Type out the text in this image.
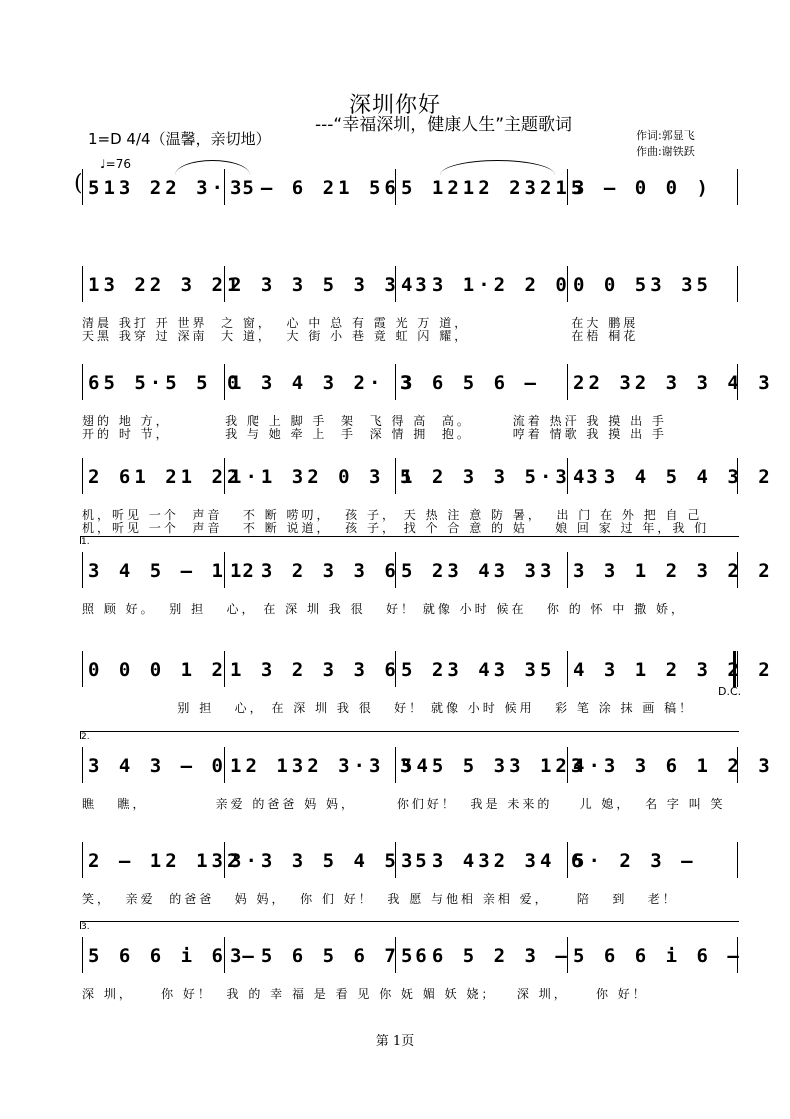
深圳你好
---“幸福深圳，健康人生”主题歌词
1=D 4/4（温馨，亲切地）	作词:郭显飞
作曲:谢铁跃
♩=76
513 22 3· 5
3 – 6 21 56 5 1212 23215
3 – 0 0 )
13 22 3 21
2 3 3 5 3 3 3
4 3 1·2 2 0 0 0 53 35
清晨 我打 开 世界  之 窗，  心 中 总 有 霞 光 万 道，               在大 鹏展
天黑 我穿 过 深南  大 道，  大 街 小 巷 竟 虹 闪 耀，               在梧 桐花
65 5·5 5 0
1 3 4 3 2· 3
3 6 5 6 –	22 32 3 3 4 3
翅的 地 方，        我 爬 上 脚 手  架  飞 得 高  高。      流着 热汗 我 摸 出 手
开的 时 节，        我 与 她 牵 上  手  深 情 拥  抱。      哼着 情歌 我 摸 出 手
2 61 21 22
1·1 32 0 3 5
1 2 3 3 5·3 3
4 3 4 5 4 3 2
机，听见 一个  声音   不 断 唠叨，  孩 子， 天 热 注 意 防 暑，  出 门 在 外 把 自 己
机，听见 一个  声音   不 断 说道，  孩 子， 找 个 合 意 的 姑    娘 回 家 过 年，我 们
1.
3 4 5 – 1 2
1 3 2 3 3 6 5 23 43 33 3 3 1 2 3 2 2
照 顾 好。  别 担   心， 在 深 圳 我 很   好！ 就像 小时 候在   你 的 怀 中 撒 娇，
D.C.
0 0 0 1 2 1 3 2 3 3 6 5 23 43 35 4 3 1 2 3 2 2
别 担   心， 在 深 圳 我 很   好！ 就像 小时 候用   彩 笔 涂 抹 画 稿！
2.
3 4 3 – 0 12 132 3·3 3
545 5 33 123
4·3 3 6 1 2 3
瞧   瞧，          亲爱 的爸爸 妈 妈，      你们好！  我是 未来的    儿 媳，  名 字 叫 笑
2 – 12 132
3·3 3 5 4 5 5
3 3 432 34 6
5· 2 3 –
笑，  亲爱  的爸爸   妈 妈，  你 们 好！  我 愿 与他相 亲相 爱，    陪   到   老！
3.
5 6 6 i 6 –
3 5 6 5 6 7 6
5 6 5 2 3 – 5 6 6 i 6 –
深 圳，    你 好！  我 的 幸 福 是 看 见 你 妩 媚 妖 娆；   深 圳，    你 好！
第 1页
(
